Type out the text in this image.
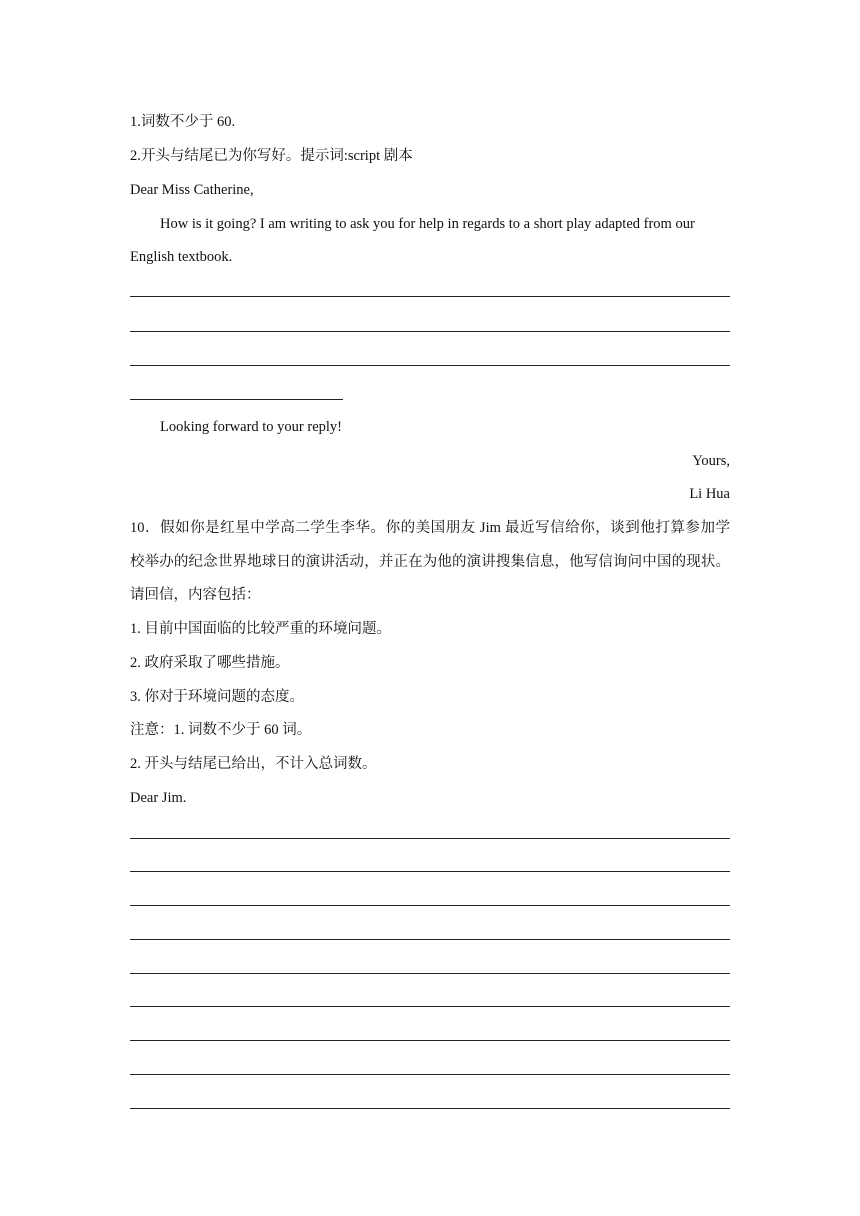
1.词数不少于 60.
2.开头与结尾已为你写好。提示词:script 剧本
Dear Miss Catherine,
How is it going? I am writing to ask you for help in regards to a short play adapted from our
English textbook.
Looking forward to your reply!
Yours,
Li Hua
10．假如你是红星中学高二学生李华。你的美国朋友 Jim 最近写信给你，谈到他打算参加学
校举办的纪念世界地球日的演讲活动，并正在为他的演讲搜集信息，他写信询问中国的现状。
请回信，内容包括：
1. 目前中国面临的比较严重的环境问题。
2. 政府采取了哪些措施。
3. 你对于环境问题的态度。
注意：1. 词数不少于 60 词。
2. 开头与结尾已给出，不计入总词数。
Dear Jim.
